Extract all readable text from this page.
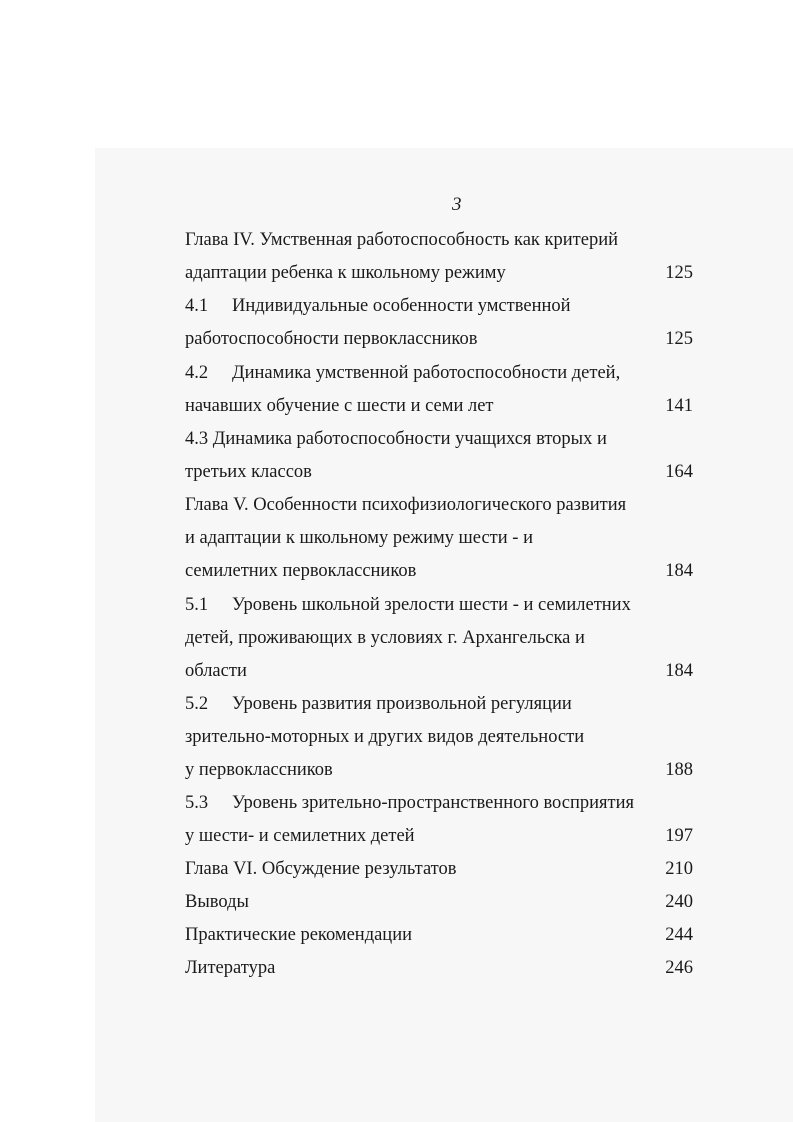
3
Глава IV. Умственная работоспособность как критерий
адаптации ребенка к школьному режиму	125
4.1 Индивидуальные особенности умственной
работоспособности первоклассников	125
4.2 Динамика умственной работоспособности детей,
начавших обучение с шести и семи лет	141
4.3 Динамика работоспособности учащихся вторых и
третьих классов	164
Глава V. Особенности психофизиологического развития
и адаптации к школьному режиму шести - и
семилетних первоклассников	184
5.1 Уровень школьной зрелости шести - и семилетних
детей, проживающих в условиях г. Архангельска и
области	184
5.2 Уровень развития произвольной регуляции
зрительно-моторных и других видов деятельности
у первоклассников	188
5.3 Уровень зрительно-пространственного восприятия
у шести- и семилетних детей	197
Глава VI. Обсуждение результатов	210
Выводы	240
Практические рекомендации	244
Литература	246
